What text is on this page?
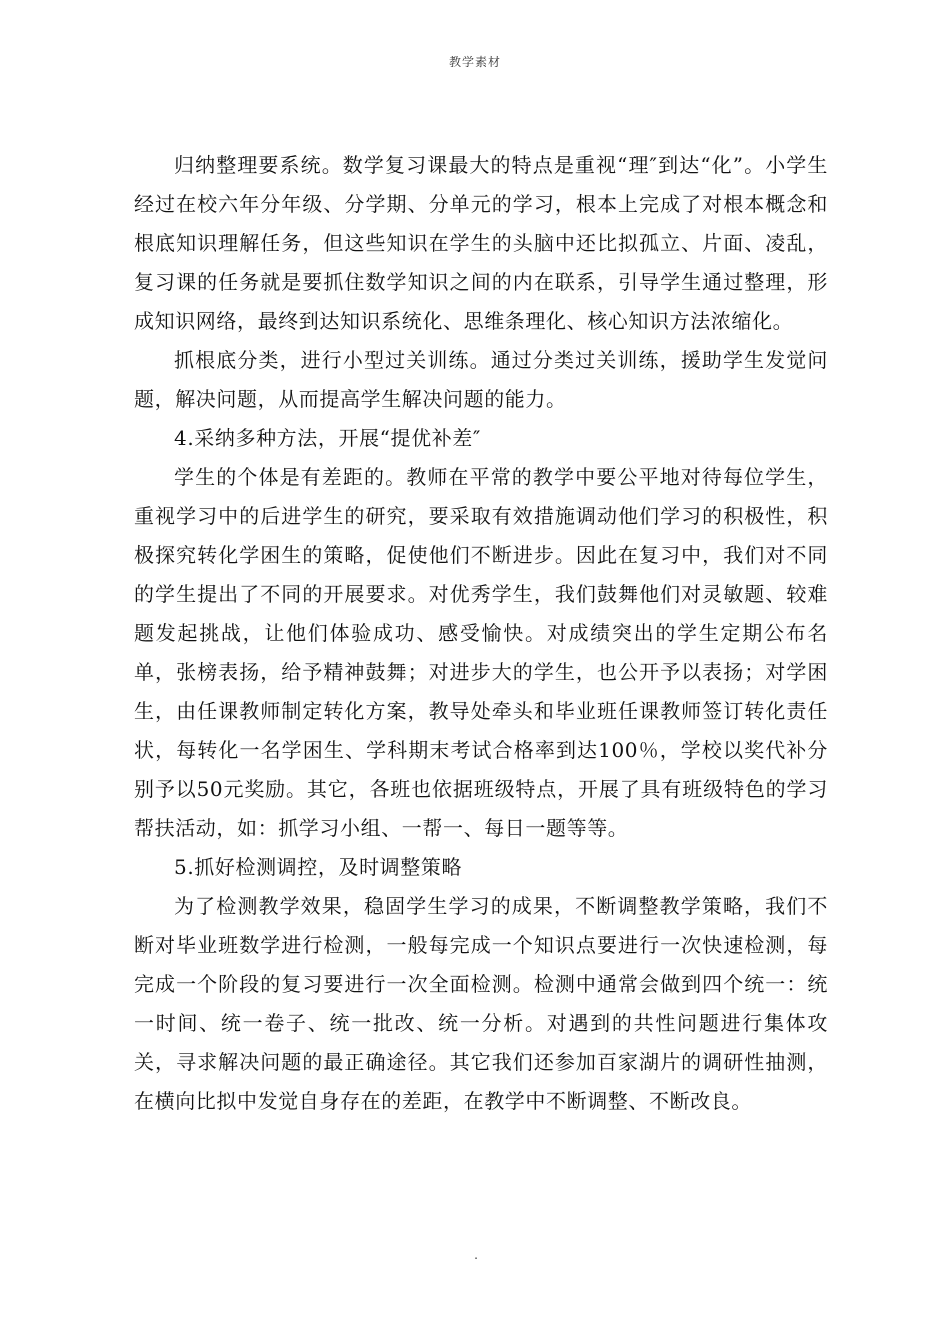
教学素材

归纳整理要系统。数学复习课最大的特点是重视“理″到达“化”。小学生经过在校六年分年级、分学期、分单元的学习，根本上完成了对根本概念和根底知识理解任务，但这些知识在学生的头脑中还比拟孤立、片面、凌乱，复习课的任务就是要抓住数学知识之间的内在联系，引导学生通过整理，形成知识网络，最终到达知识系统化、思维条理化、核心知识方法浓缩化。

抓根底分类，进行小型过关训练。通过分类过关训练，援助学生发觉问题，解决问题，从而提高学生解决问题的能力。

4.采纳多种方法，开展“提优补差″

学生的个体是有差距的。教师在平常的教学中要公平地对待每位学生，重视学习中的后进学生的研究，要采取有效措施调动他们学习的积极性，积极探究转化学困生的策略，促使他们不断进步。因此在复习中，我们对不同的学生提出了不同的开展要求。对优秀学生，我们鼓舞他们对灵敏题、较难题发起挑战，让他们体验成功、感受愉快。对成绩突出的学生定期公布名单，张榜表扬，给予精神鼓舞；对进步大的学生，也公开予以表扬；对学困生，由任课教师制定转化方案，教导处牵头和毕业班任课教师签订转化责任状，每转化一名学困生、学科期末考试合格率到达100％，学校以奖代补分别予以50元奖励。其它，各班也依据班级特点，开展了具有班级特色的学习帮扶活动，如：抓学习小组、一帮一、每日一题等等。

5.抓好检测调控，及时调整策略

为了检测教学效果，稳固学生学习的成果，不断调整教学策略，我们不断对毕业班数学进行检测，一般每完成一个知识点要进行一次快速检测，每完成一个阶段的复习要进行一次全面检测。检测中通常会做到四个统一：统一时间、统一卷子、统一批改、统一分析。对遇到的共性问题进行集体攻关，寻求解决问题的最正确途径。其它我们还参加百家湖片的调研性抽测，在横向比拟中发觉自身存在的差距，在教学中不断调整、不断改良。

.
